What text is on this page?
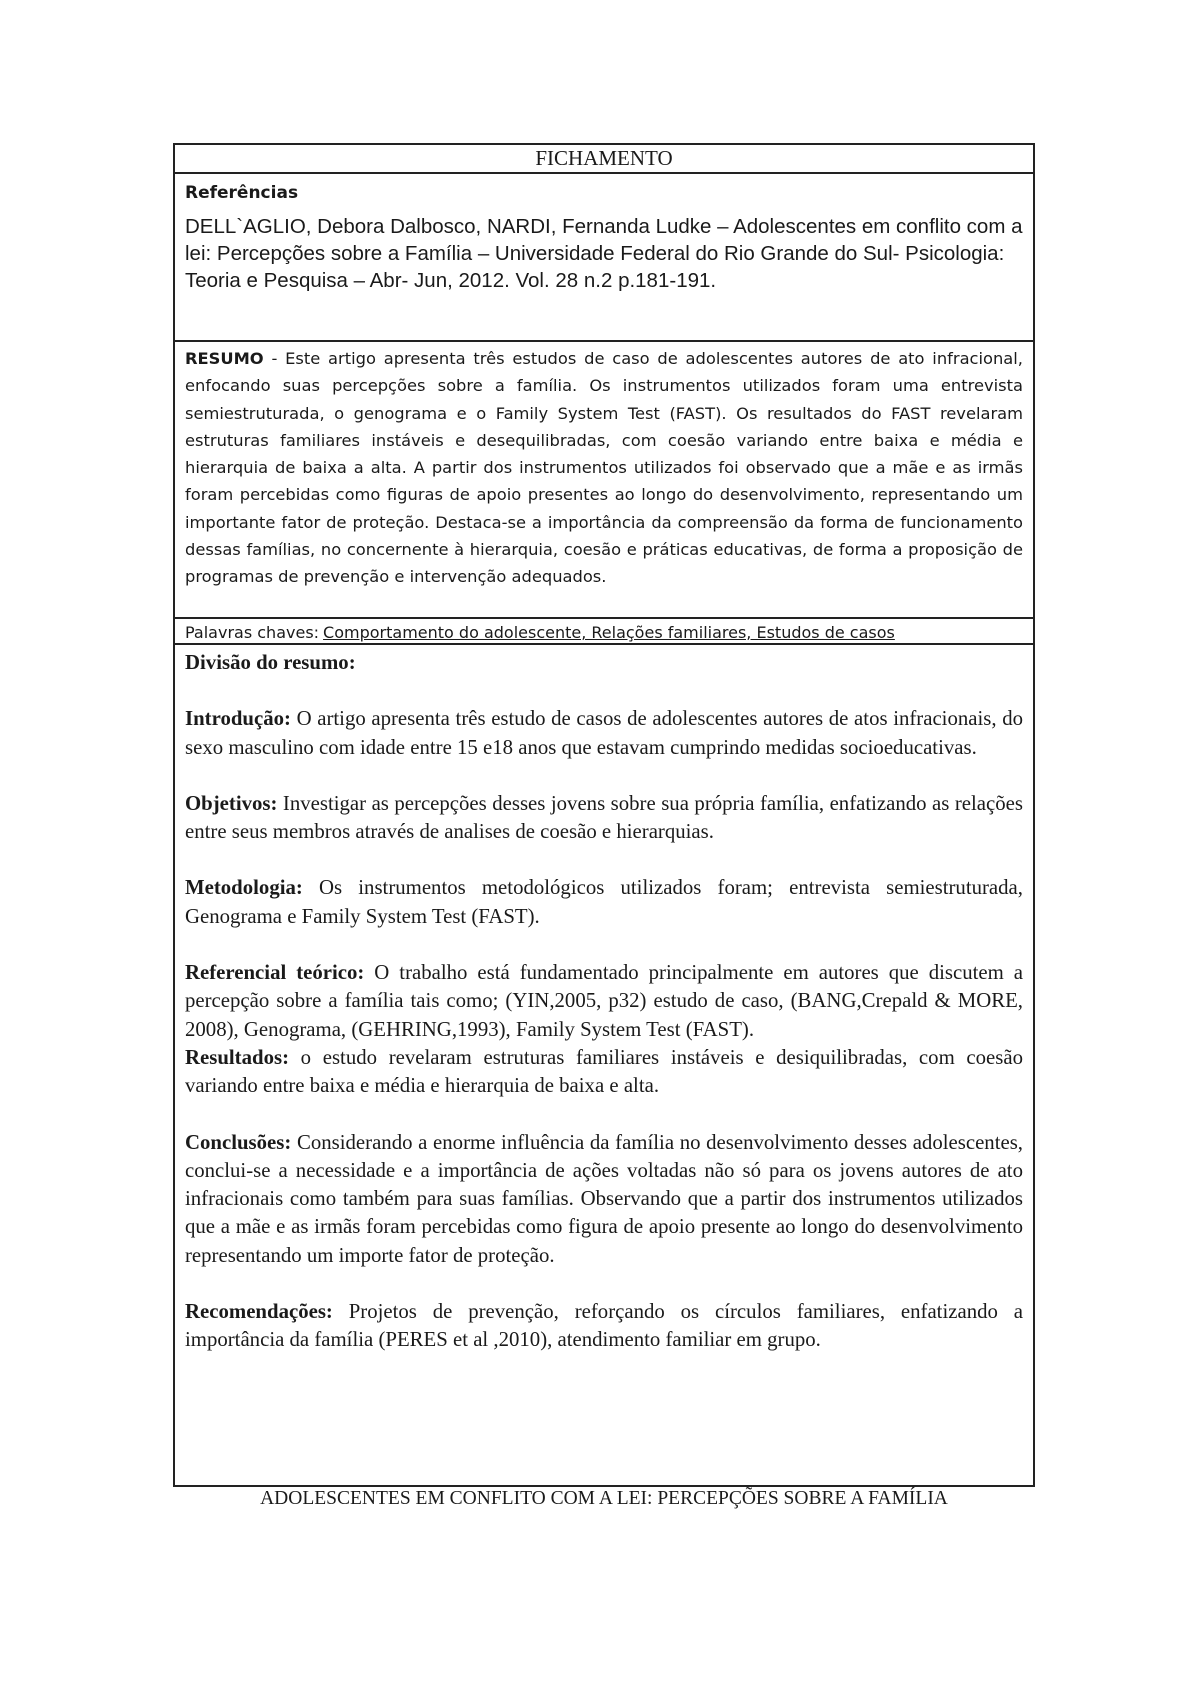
FICHAMENTO
Referências
DELL`AGLIO, Debora Dalbosco, NARDI, Fernanda Ludke – Adolescentes em conflito com a lei: Percepções sobre a Família – Universidade Federal do Rio Grande do Sul- Psicologia: Teoria e Pesquisa – Abr- Jun, 2012. Vol. 28 n.2 p.181-191.
RESUMO - Este artigo apresenta três estudos de caso de adolescentes autores de ato infracional, enfocando suas percepções sobre a família. Os instrumentos utilizados foram uma entrevista semiestruturada, o genograma e o Family System Test (FAST). Os resultados do FAST revelaram estruturas familiares instáveis e desequilibradas, com coesão variando entre baixa e média e hierarquia de baixa a alta. A partir dos instrumentos utilizados foi observado que a mãe e as irmãs foram percebidas como figuras de apoio presentes ao longo do desenvolvimento, representando um importante fator de proteção. Destaca-se a importância da compreensão da forma de funcionamento dessas famílias, no concernente à hierarquia, coesão e práticas educativas, de forma a proposição de programas de prevenção e intervenção adequados.
Palavras chaves: Comportamento do adolescente, Relações familiares, Estudos de casos
Divisão do resumo:
Introdução: O artigo apresenta três estudo de casos de adolescentes autores de atos infracionais, do sexo masculino com idade entre 15 e18 anos que estavam cumprindo medidas socioeducativas.
Objetivos: Investigar as percepções desses jovens sobre sua própria família, enfatizando as relações entre seus membros através de analises de coesão e hierarquias.
Metodologia: Os instrumentos metodológicos utilizados foram; entrevista semiestruturada, Genograma e Family System Test (FAST).
Referencial teórico: O trabalho está fundamentado principalmente em autores que discutem a percepção sobre a família tais como; (YIN,2005, p32) estudo de caso, (BANG,Crepald & MORE, 2008), Genograma, (GEHRING,1993), Family System Test (FAST).
Resultados: o estudo revelaram estruturas familiares instáveis e desiquilibradas, com coesão variando entre baixa e média e hierarquia de baixa e alta.
Conclusões: Considerando a enorme influência da família no desenvolvimento desses adolescentes, conclui-se a necessidade e a importância de ações voltadas não só para os jovens autores de ato infracionais como também para suas famílias. Observando que a partir dos instrumentos utilizados que a mãe e as irmãs foram percebidas como figura de apoio presente ao longo do desenvolvimento representando um importe fator de proteção.
Recomendações: Projetos de prevenção, reforçando os círculos familiares, enfatizando a importância da família (PERES et al ,2010), atendimento familiar em grupo.
ADOLESCENTES EM CONFLITO COM A LEI: PERCEPÇÕES SOBRE A FAMÍLIA
